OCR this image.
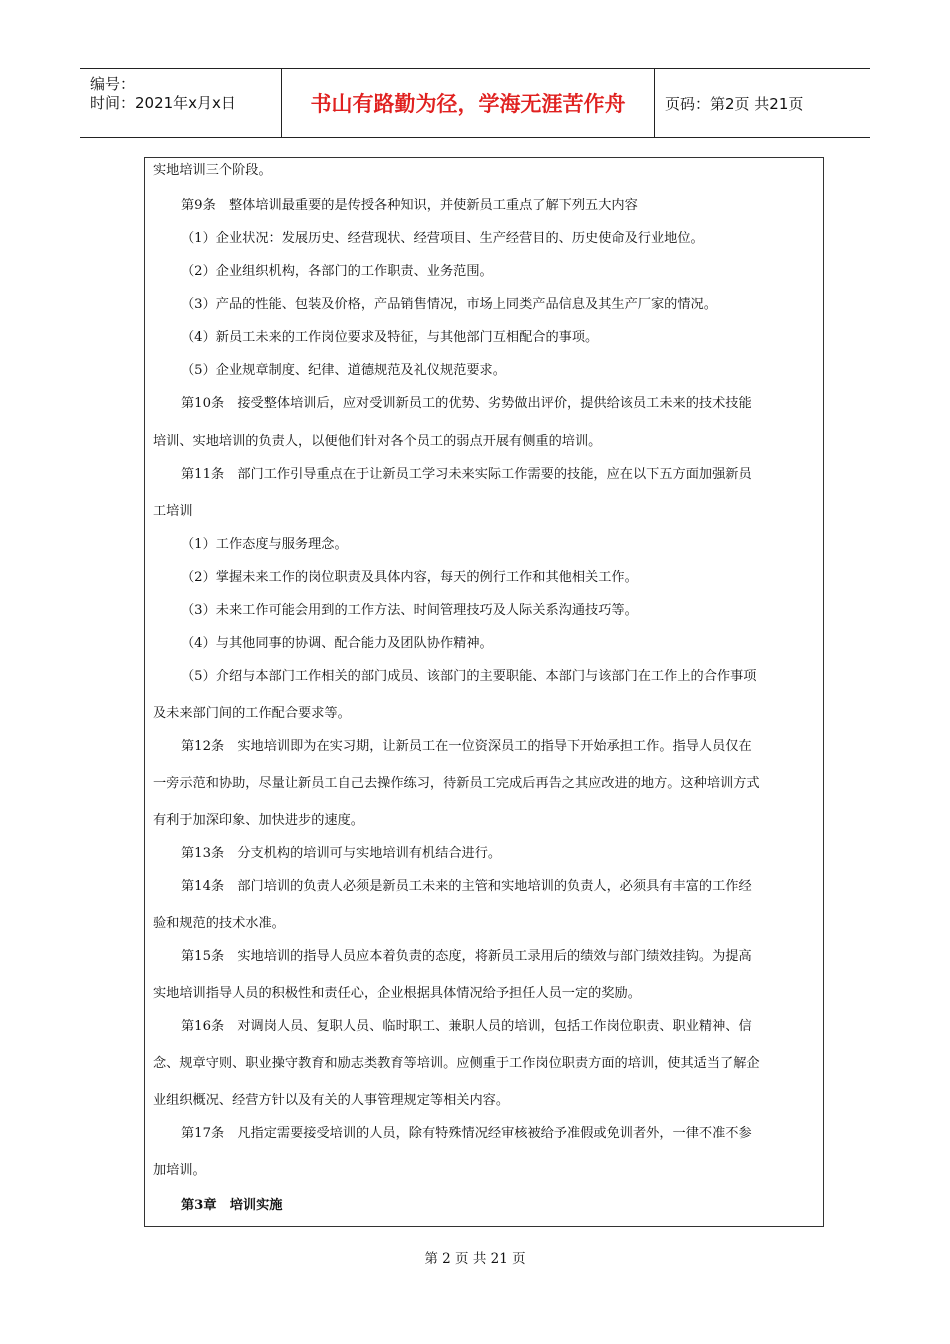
编号：
时间：2021年x月x日	书山有路勤为径，学海无涯苦作舟	页码：第2页 共21页
实地培训三个阶段。
第9条　整体培训最重要的是传授各种知识，并使新员工重点了解下列五大内容
（1）企业状况：发展历史、经营现状、经营项目、生产经营目的、历史使命及行业地位。
（2）企业组织机构，各部门的工作职责、业务范围。
（3）产品的性能、包装及价格，产品销售情况，市场上同类产品信息及其生产厂家的情况。
（4）新员工未来的工作岗位要求及特征，与其他部门互相配合的事项。
（5）企业规章制度、纪律、道德规范及礼仪规范要求。
第10条　接受整体培训后，应对受训新员工的优势、劣势做出评价，提供给该员工未来的技术技能
培训、实地培训的负责人，以便他们针对各个员工的弱点开展有侧重的培训。
第11条　部门工作引导重点在于让新员工学习未来实际工作需要的技能，应在以下五方面加强新员
工培训
（1）工作态度与服务理念。
（2）掌握未来工作的岗位职责及具体内容，每天的例行工作和其他相关工作。
（3）未来工作可能会用到的工作方法、时间管理技巧及人际关系沟通技巧等。
（4）与其他同事的协调、配合能力及团队协作精神。
（5）介绍与本部门工作相关的部门成员、该部门的主要职能、本部门与该部门在工作上的合作事项
及未来部门间的工作配合要求等。
第12条　实地培训即为在实习期，让新员工在一位资深员工的指导下开始承担工作。指导人员仅在
一旁示范和协助，尽量让新员工自己去操作练习，待新员工完成后再告之其应改进的地方。这种培训方式
有利于加深印象、加快进步的速度。
第13条　分支机构的培训可与实地培训有机结合进行。
第14条　部门培训的负责人必须是新员工未来的主管和实地培训的负责人，必须具有丰富的工作经
验和规范的技术水准。
第15条　实地培训的指导人员应本着负责的态度，将新员工录用后的绩效与部门绩效挂钩。为提高
实地培训指导人员的积极性和责任心，企业根据具体情况给予担任人员一定的奖励。
第16条　对调岗人员、复职人员、临时职工、兼职人员的培训，包括工作岗位职责、职业精神、信
念、规章守则、职业操守教育和励志类教育等培训。应侧重于工作岗位职责方面的培训，使其适当了解企
业组织概况、经营方针以及有关的人事管理规定等相关内容。
第17条　凡指定需要接受培训的人员，除有特殊情况经审核被给予准假或免训者外，一律不准不参
加培训。
第3章　培训实施
第 2 页 共 21 页
